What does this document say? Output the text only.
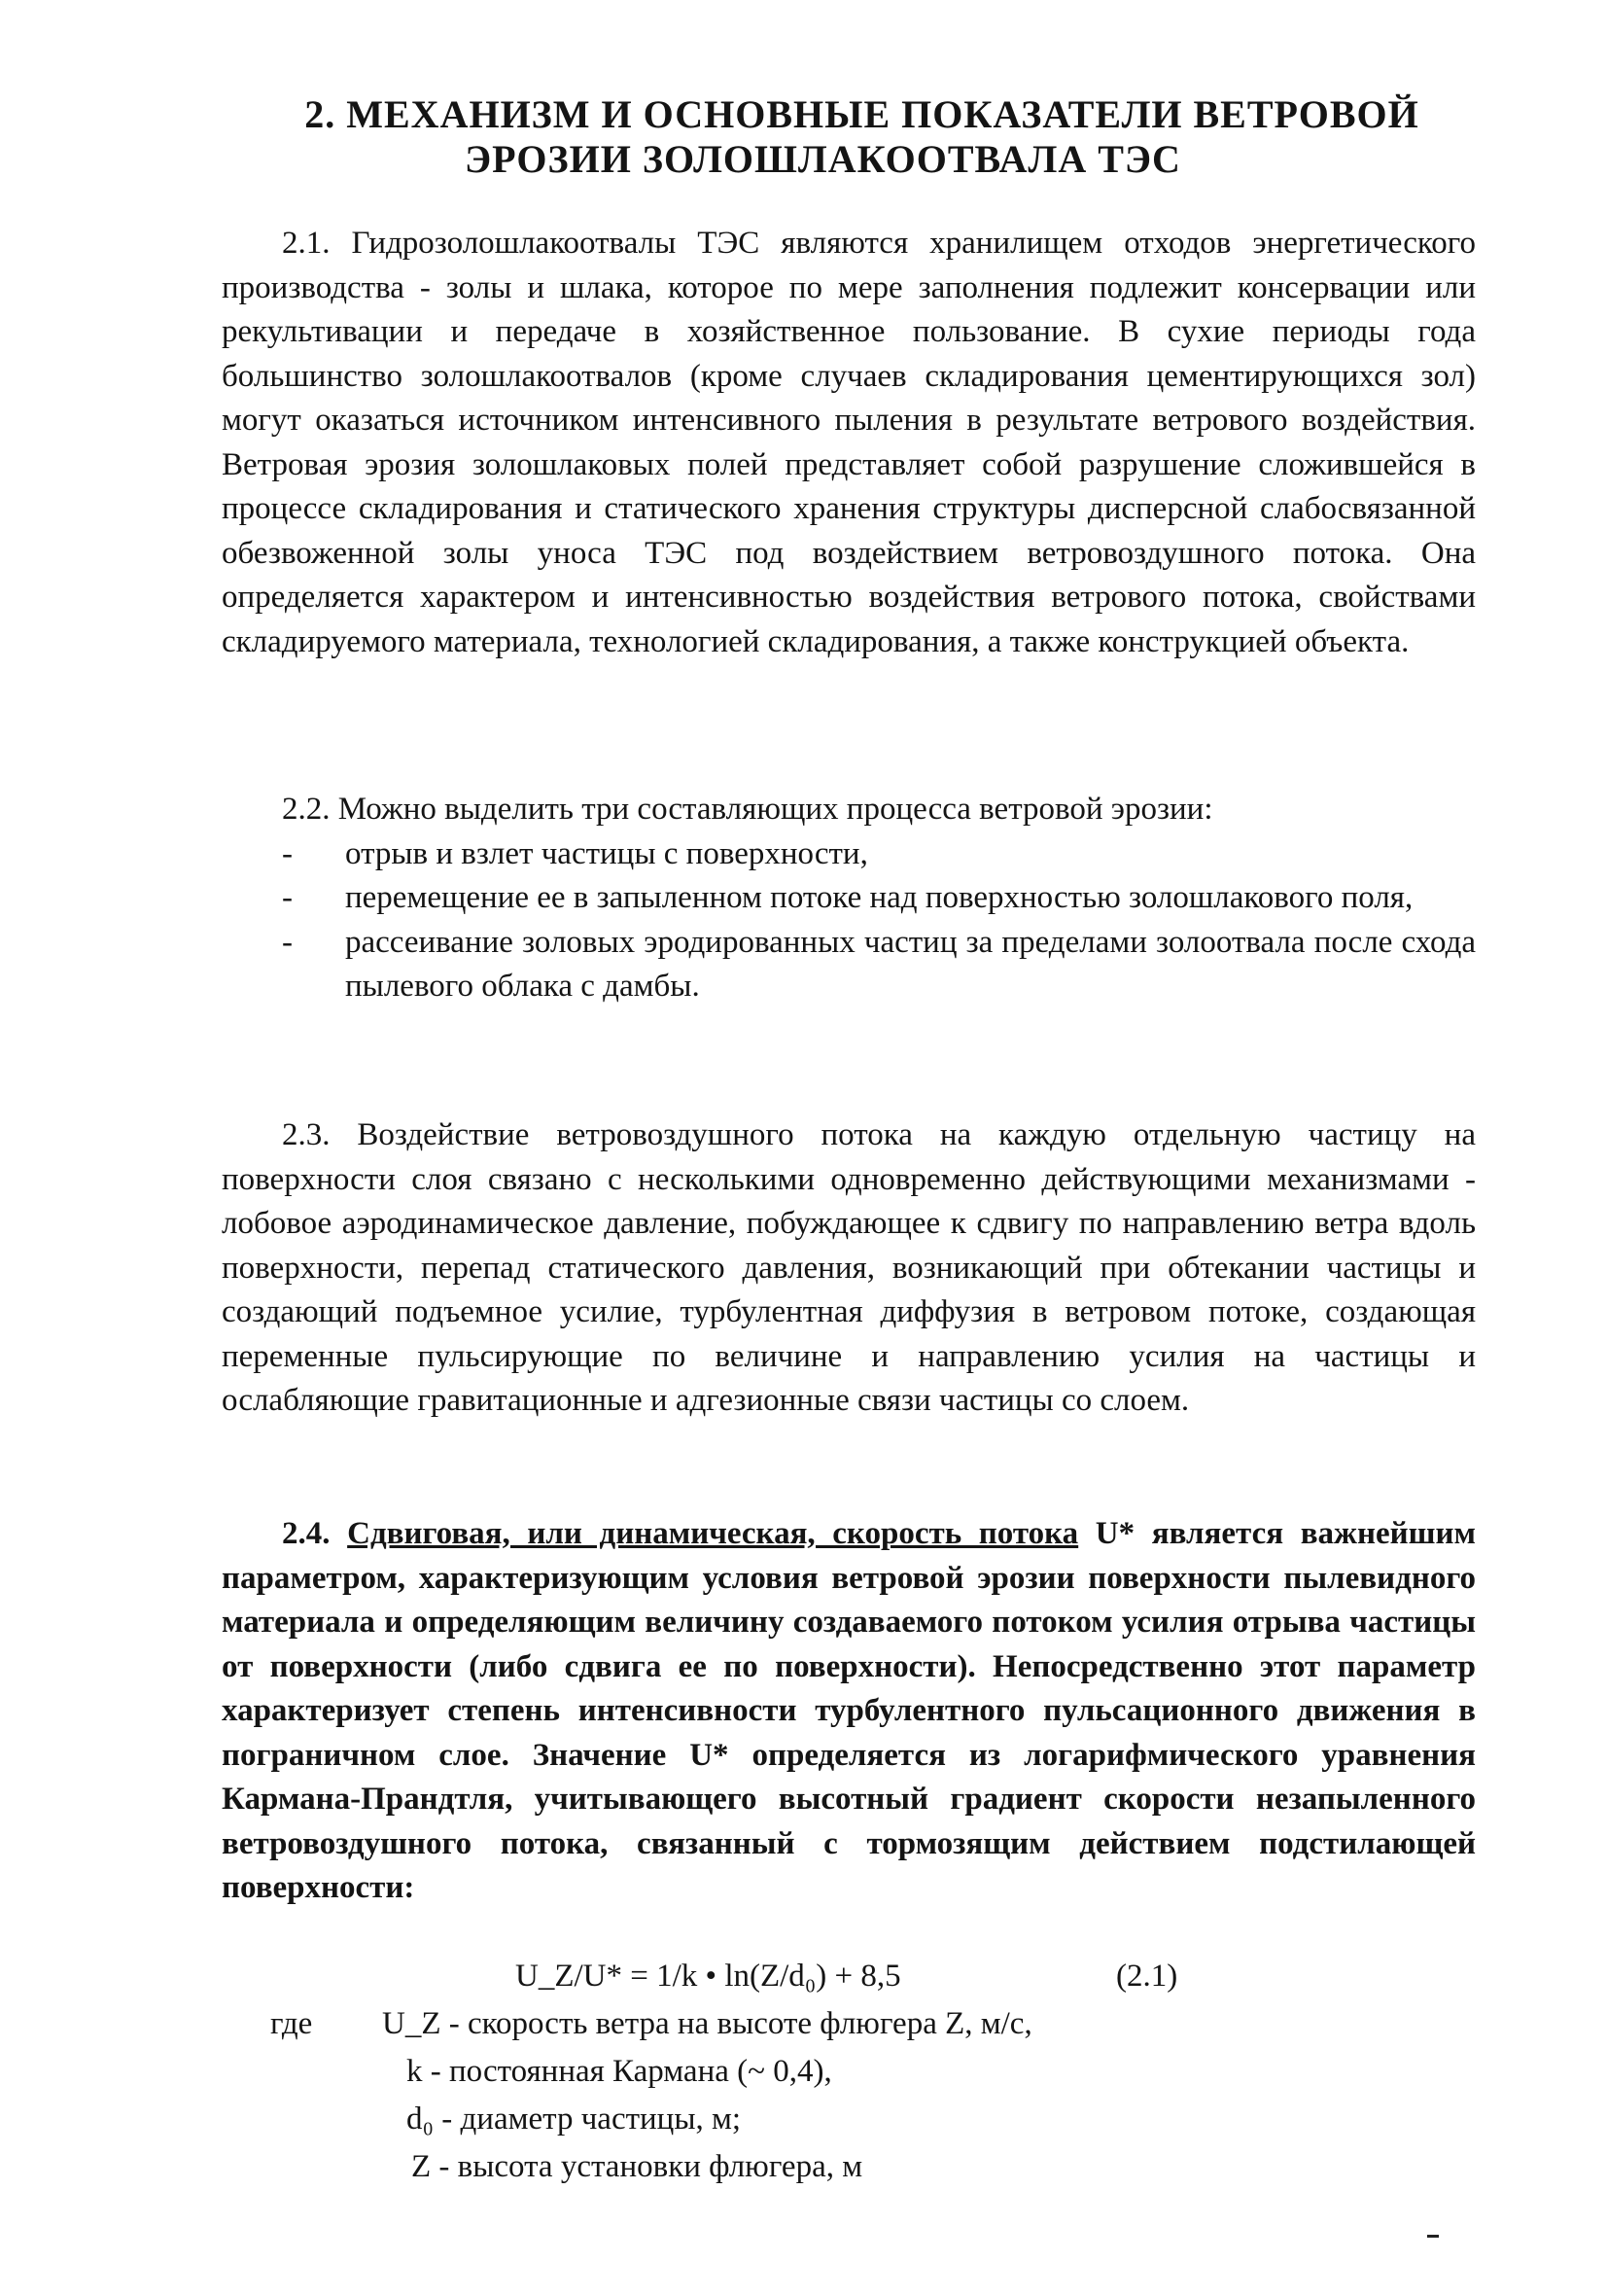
2. МЕХАНИЗМ И ОСНОВНЫЕ ПОКАЗАТЕЛИ ВЕТРОВОЙ
ЭРОЗИИ ЗОЛОШЛАКООТВАЛА ТЭС
2.1. Гидрозолошлакоотвалы ТЭС являются хранилищем отходов энергетического производства - золы и шлака, которое по мере заполнения подлежит консервации или рекультивации и передаче в хозяйственное пользование. В сухие периоды года большинство золошлакоотвалов (кроме случаев складирования цементирующихся зол) могут оказаться источником интенсивного пыления в результате ветрового воздействия. Ветровая эрозия золошлаковых полей представляет собой разрушение сложившейся в процессе складирования и статического хранения структуры дисперсной слабосвязанной обезвоженной золы уноса ТЭС под воздействием ветровоздушного потока. Она определяется характером и интенсивностью воздействия ветрового потока, свойствами складируемого материала, технологией складирования, а также конструкцией объекта.
2.2. Можно выделить три составляющих процесса ветровой эрозии:
- отрыв и взлет частицы с поверхности,
- перемещение ее в запыленном потоке над поверхностью золошлакового поля,
- рассеивание золовых эродированных частиц за пределами золоотвала после схода пылевого облака с дамбы.
2.3. Воздействие ветровоздушного потока на каждую отдельную частицу на поверхности слоя связано с несколькими одновременно действующими механизмами - лобовое аэродинамическое давление, побуждающее к сдвигу по направлению ветра вдоль поверхности, перепад статического давления, возникающий при обтекании частицы и создающий подъемное усилие, турбулентная диффузия в ветровом потоке, создающая переменные пульсирующие по величине и направлению усилия на частицы и ослабляющие гравитационные и адгезионные связи частицы со слоем.
2.4. Сдвиговая, или динамическая, скорость потока U* является важнейшим параметром, характеризующим условия ветровой эрозии поверхности пылевидного материала и определяющим величину создаваемого потоком усилия отрыва частицы от поверхности (либо сдвига ее по поверхности). Непосредственно этот параметр характеризует степень интенсивности турбулентного пульсационного движения в пограничном слое. Значение U* определяется из логарифмического уравнения Кармана-Прандтля, учитывающего высотный градиент скорости незапыленного ветровоздушного потока, связанный с тормозящим действием подстилающей поверхности:
U_Z/U* = 1/k • ln(Z/d₀) + 8,5	(2.1)
где U_Z - скорость ветра на высоте флюгера Z, м/с,
k - постоянная Кармана (~ 0,4),
d₀ - диаметр частицы, м;
Z - высота установки флюгера, м
